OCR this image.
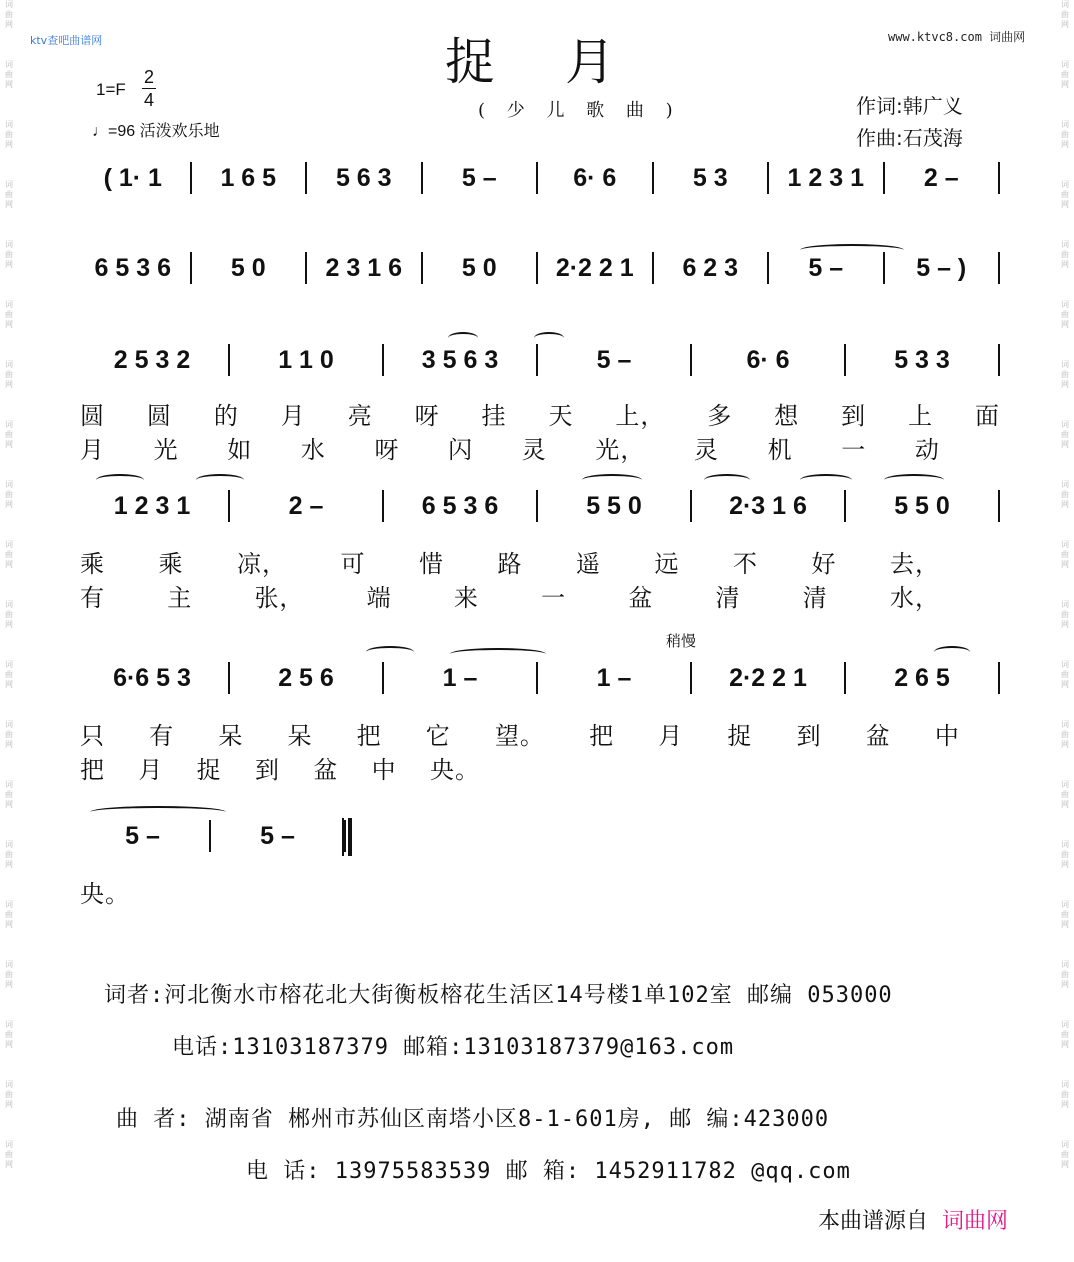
词
曲
网
词
曲
网
词
曲
网
词
曲
网
词
曲
网
词
曲
网
词
曲
网
词
曲
网
词
曲
网
词
曲
网
词
曲
网
词
曲
网
词
曲
网
词
曲
网
词
曲
网
词
曲
网
词
曲
网
词
曲
网
词
曲
网
词
曲
网
词
曲
网
词
曲
网
词
曲
网
词
曲
网
词
曲
网
词
曲
网
词
曲
网
词
曲
网
词
曲
网
词
曲
网
词
曲
网
词
曲
网
词
曲
网
词
曲
网
词
曲
网
词
曲
网
词
曲
网
词
曲
网
词
曲
网
词
曲
网
ktv查吧曲谱网	www.ktvc8.com 词曲网
捉月
( 少 儿 歌 曲 )
1=F
2
4
♩=96 活泼欢乐地
作词:韩广义
作曲:石茂海
( 1· 1	1 6 5	5 6 3	5 –	6· 6	5 3	1 2 3 1	2 –
6 5 3 6	5 0	2 3 1 6	5 0	2·2 2 1	6 2 3	5 –	5 – )
2 5 3 2	1 1 0	3 5 6 3	5 –	6· 6	5 3 3
1 2 3 1	2 –	6 5 3 6	5 5 0	2·3 1 6	5 5 0
6·6 5 3	2 5 6	1 –	1 –	2·2 2 1	2 6 5
5 –	5 –
圆 圆 的 月 亮 呀 挂 天 上， 多 想 到 上 面
月 光 如 水 呀 闪 灵 光， 灵 机 一 动
乘 乘 凉， 可 惜 路 遥 远 不 好 去，
有	主	张，	端	来	一	盆	清	清	水，
稍慢
只 有 呆 呆 把 它 望。 把 月 捉 到 盆 中
把 月 捉 到 盆 中 央。
央。
词者:河北衡水市榕花北大街衡板榕花生活区14号楼1单102室 邮编 053000
电话:13103187379 邮箱:13103187379@163.com
曲 者: 湖南省 郴州市苏仙区南塔小区8-1-601房, 邮 编:423000
电 话: 13975583539 邮 箱: 1452911782 @qq.com
本曲谱源自 词曲网
